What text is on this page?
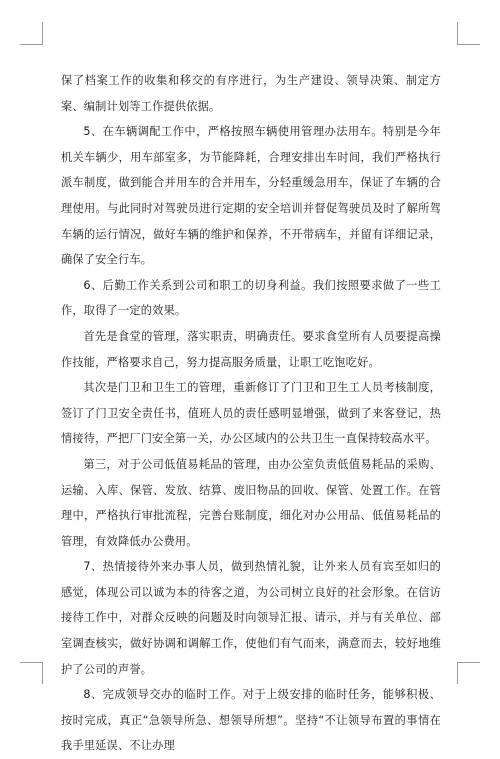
保了档案工作的收集和移交的有序进行，为生产建设、领导决策、制定方案、编制计划等工作提供依据。

5、在车辆调配工作中，严格按照车辆使用管理办法用车。特别是今年机关车辆少，用车部室多，为节能降耗，合理安排出车时间，我们严格执行派车制度，做到能合并用车的合并用车，分轻重缓急用车，保证了车辆的合理使用。与此同时对驾驶员进行定期的安全培训并督促驾驶员及时了解所驾车辆的运行情况，做好车辆的维护和保养，不开带病车，并留有详细记录，确保了安全行车。

6、后勤工作关系到公司和职工的切身利益。我们按照要求做了一些工作，取得了一定的效果。

首先是食堂的管理，落实职责，明确责任。要求食堂所有人员要提高操作技能，严格要求自己，努力提高服务质量，让职工吃饱吃好。

其次是门卫和卫生工的管理，重新修订了门卫和卫生工人员考核制度，签订了门卫安全责任书，值班人员的责任感明显增强，做到了来客登记，热情接待，严把厂门安全第一关，办公区域内的公共卫生一直保持较高水平。

第三，对于公司低值易耗品的管理，由办公室负责低值易耗品的采购、运输、入库、保管、发放、结算、废旧物品的回收、保管、处置工作。在管理中，严格执行审批流程，完善台账制度，细化对办公用品、低值易耗品的管理，有效降低办公费用。

7、热情接待外来办事人员，做到热情礼貌，让外来人员有宾至如归的感觉，体现公司以诚为本的待客之道，为公司树立良好的社会形象。在信访接待工作中，对群众反映的问题及时向领导汇报、请示，并与有关单位、部室调查核实，做好协调和调解工作，使他们有气而来，满意而去，较好地维护了公司的声誉。

8、完成领导交办的临时工作。对于上级安排的临时任务，能够积极、按时完成，真正“急领导所急、想领导所想”。坚持“不让领导布置的事情在我手里延误、不让办理
